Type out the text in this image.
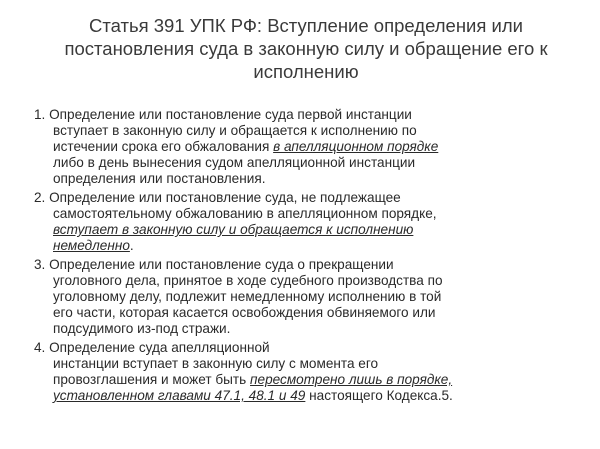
Статья 391 УПК РФ: Вступление определения или
постановления суда в законную силу и обращение его к
исполнению
1. Определение или постановление суда первой инстанции
вступает в законную силу и обращается к исполнению по
истечении срока его обжалования в апелляционном порядке
либо в день вынесения судом апелляционной инстанции
определения или постановления.
2. Определение или постановление суда, не подлежащее
самостоятельному обжалованию в апелляционном порядке,
вступает в законную силу и обращается к исполнению
немедленно.
3. Определение или постановление суда о прекращении
уголовного дела, принятое в ходе судебного производства по
уголовному делу, подлежит немедленному исполнению в той
его части, которая касается освобождения обвиняемого или
подсудимого из-под стражи.
4. Определение суда апелляционной
инстанции вступает в законную силу с момента его
провозглашения и может быть пересмотрено лишь в порядке,
установленном главами 47.1, 48.1 и 49 настоящего Кодекса.5.
